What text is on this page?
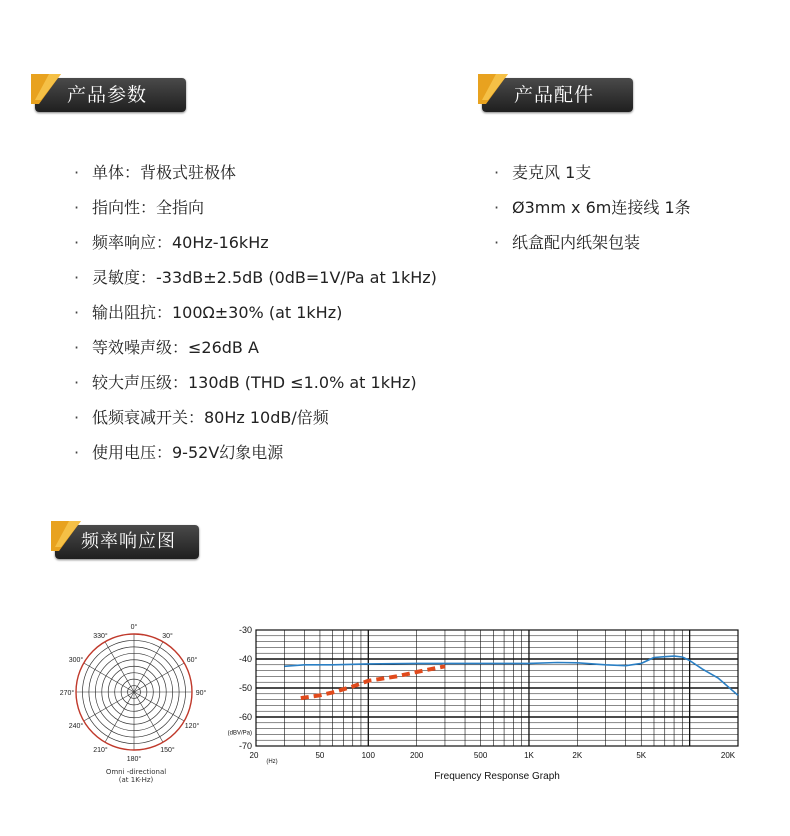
产品参数	产品配件
频率响应图
· 单体：背极式驻极体
· 指向性：全指向
· 频率响应：40Hz-16kHz
· 灵敏度：-33dB±2.5dB (0dB=1V/Pa at 1kHz)
· 输出阻抗：100Ω±30% (at 1kHz)
· 等效噪声级：≤26dB A
· 较大声压级：130dB (THD ≤1.0% at 1kHz)
· 低频衰减开关：80Hz 10dB/倍频
· 使用电压：9-52V幻象电源
· 麦克风 1支
· Ø3mm x 6m连接线 1条
· 纸盒配内纸架包装
0°
30°
60°
90°
120°
150°
180°
210°
240°
270°
300°
330°
Omni -directional
(at 1K-Hz)
-30
-40
-50
-60
-70
(dBV/Pa)
20	50	100	200	500	1K	2K	5K	20K
(Hz)
Frequency Response Graph
